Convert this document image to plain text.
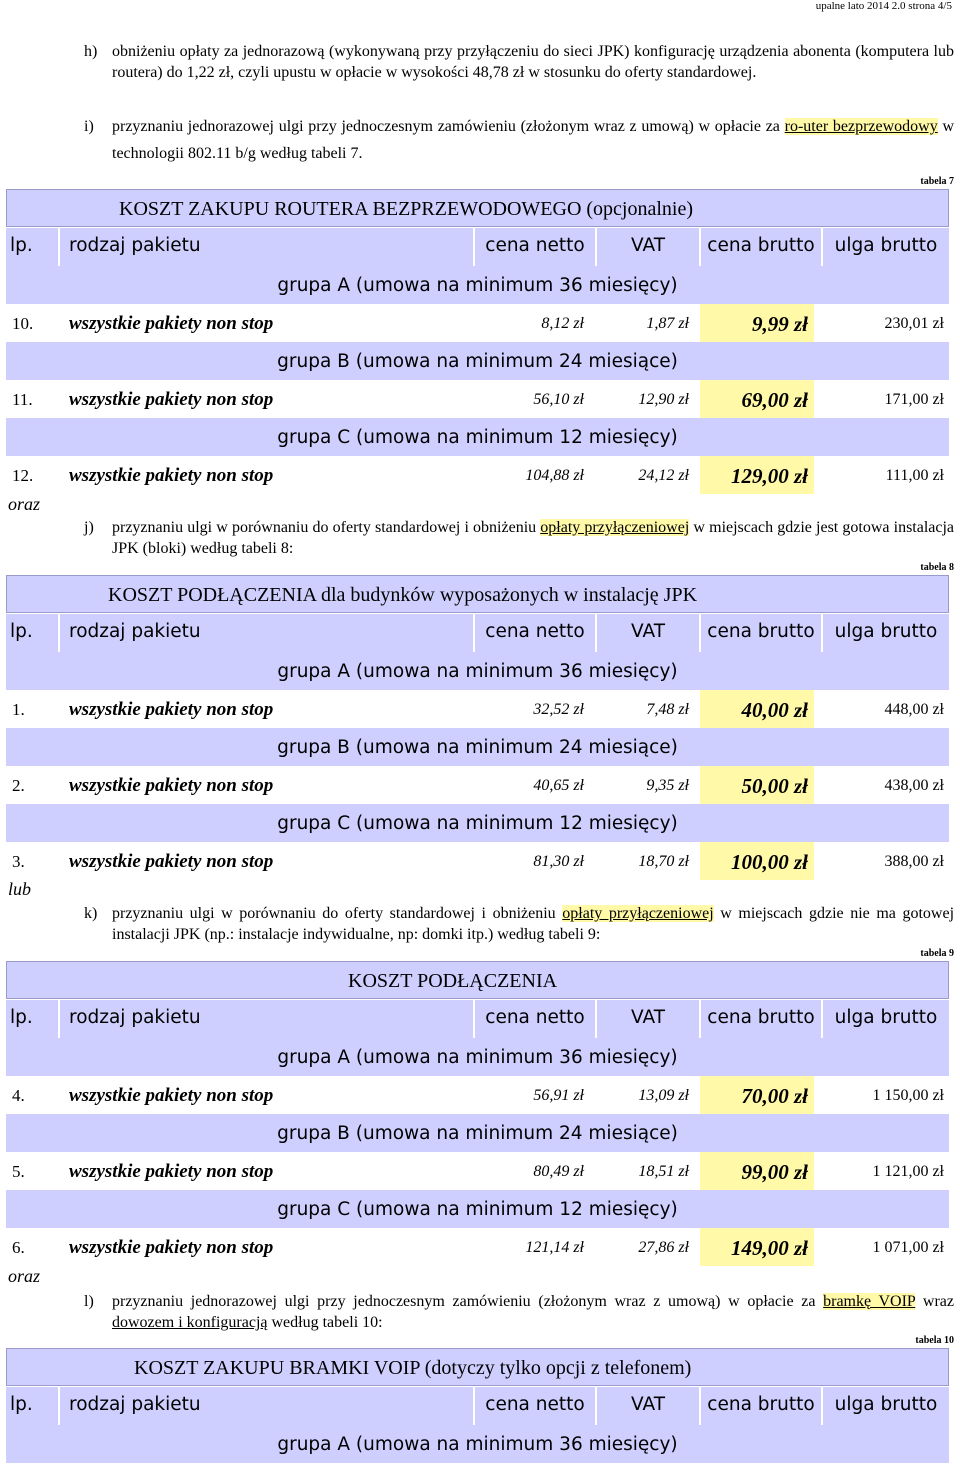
upalne lato 2014 2.0 strona 4/5
h) obniżeniu opłaty za jednorazową (wykonywaną przy przyłączeniu do sieci JPK) konfigurację urządzenia abonenta (komputera lub routera) do 1,22 zł, czyli upustu w opłacie w wysokości 48,78 zł w stosunku do oferty standardowej.
i) przyznaniu jednorazowej ulgi przy jednoczesnym zamówieniu (złożonym wraz z umową) w opłacie za ro-uter bezprzewodowy w technologii 802.11 b/g według tabeli 7.
tabela 7
KOSZT ZAKUPU ROUTERA BEZPRZEWODOWEGO (opcjonalnie)
lp.	rodzaj pakietu	cena netto	VAT	cena brutto	ulga brutto
grupa A (umowa na minimum 36 miesięcy)
10. wszystkie pakiety non stop	8,12 zł	1,87 zł	9,99 zł	230,01 zł
grupa B (umowa na minimum 24 miesiące)
11. wszystkie pakiety non stop	56,10 zł	12,90 zł	69,00 zł	171,00 zł
grupa C (umowa na minimum 12 miesięcy)
12. wszystkie pakiety non stop	104,88 zł	24,12 zł	129,00 zł	111,00 zł
oraz
j) przyznaniu ulgi w porównaniu do oferty standardowej i obniżeniu opłaty przyłączeniowej w miejscach gdzie jest gotowa instalacja JPK (bloki) według tabeli 8:
tabela 8
KOSZT PODŁĄCZENIA dla budynków wyposażonych w instalację JPK
lp.	rodzaj pakietu	cena netto	VAT	cena brutto	ulga brutto
grupa A (umowa na minimum 36 miesięcy)
1. wszystkie pakiety non stop	32,52 zł	7,48 zł	40,00 zł	448,00 zł
grupa B (umowa na minimum 24 miesiące)
2. wszystkie pakiety non stop	40,65 zł	9,35 zł	50,00 zł	438,00 zł
grupa C (umowa na minimum 12 miesięcy)
3. wszystkie pakiety non stop	81,30 zł	18,70 zł	100,00 zł	388,00 zł
lub
k) przyznaniu ulgi w porównaniu do oferty standardowej i obniżeniu opłaty przyłączeniowej w miejscach gdzie nie ma gotowej instalacji JPK (np.: instalacje indywidualne, np: domki itp.) według tabeli 9:
tabela 9
KOSZT PODŁĄCZENIA
lp.	rodzaj pakietu	cena netto	VAT	cena brutto	ulga brutto
grupa A (umowa na minimum 36 miesięcy)
4. wszystkie pakiety non stop	56,91 zł	13,09 zł	70,00 zł	1 150,00 zł
grupa B (umowa na minimum 24 miesiące)
5. wszystkie pakiety non stop	80,49 zł	18,51 zł	99,00 zł	1 121,00 zł
grupa C (umowa na minimum 12 miesięcy)
6. wszystkie pakiety non stop	121,14 zł	27,86 zł	149,00 zł	1 071,00 zł
oraz
l) przyznaniu jednorazowej ulgi przy jednoczesnym zamówieniu (złożonym wraz z umową) w opłacie za bramkę VOIP wraz dowozem i konfiguracją według tabeli 10:
tabela 10
KOSZT ZAKUPU BRAMKI VOIP (dotyczy tylko opcji z telefonem)
lp.	rodzaj pakietu	cena netto	VAT	cena brutto	ulga brutto
grupa A (umowa na minimum 36 miesięcy)
